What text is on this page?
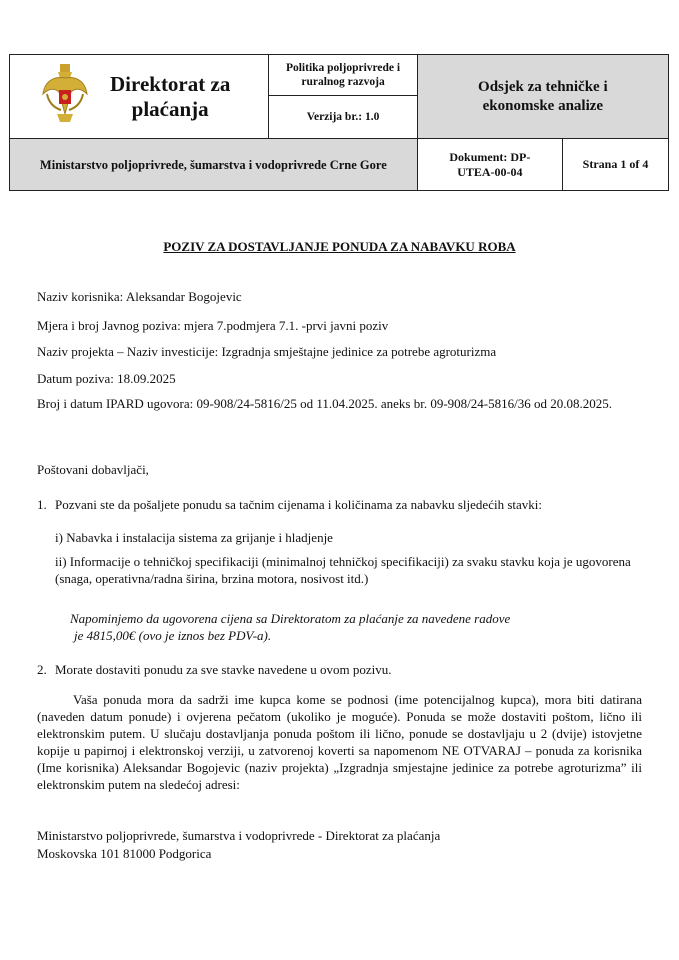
Direktorat za plaćanja	Politika poljoprivrede i ruralnog razvoja
Verzija br.: 1.0	Odsjek za tehničke i ekonomske analize	

Ministarstvo poljoprivrede, šumarstva i vodoprivrede Crne Gore		Dokument: DP-UTEA-00-04	Strana 1 of 4
POZIV ZA DOSTAVLJANJE PONUDA ZA NABAVKU ROBA
Naziv korisnika: Aleksandar Bogojevic
Mjera i broj Javnog poziva: mjera 7.podmjera 7.1. -prvi javni poziv
Naziv projekta – Naziv investicije: Izgradnja smještajne jedinice za potrebe agroturizma
Datum poziva: 18.09.2025
Broj i datum IPARD ugovora: 09-908/24-5816/25 od 11.04.2025. aneks br. 09-908/24-5816/36 od 20.08.2025.
Poštovani dobavljači,
1. Pozvani ste da pošaljete ponudu sa tačnim cijenama i količinama za nabavku sljedećih stavki:
i) Nabavka i instalacija sistema za grijanje i hladjenje
ii) Informacije o tehničkoj specifikaciji (minimalnoj tehničkoj specifikaciji) za svaku stavku koja je ugovorena (snaga, operativna/radna širina, brzina motora, nosivost itd.)
Napominjemo da ugovorena cijena sa Direktoratom za plaćanje za navedene radove
je 4815,00€ (ovo je iznos bez PDV-a).
2. Morate dostaviti ponudu za sve stavke navedene u ovom pozivu.
Vaša ponuda mora da sadrži ime kupca kome se podnosi (ime potencijalnog kupca), mora biti datirana (naveden datum ponude) i ovjerena pečatom (ukoliko je moguće). Ponuda se može dostaviti poštom, lično ili elektronskim putem. U slučaju dostavljanja ponuda poštom ili lično, ponude se dostavljaju u 2 (dvije) istovjetne kopije u papirnoj i elektronskoj verziji, u zatvorenoj koverti sa napomenom NE OTVARAJ – ponuda za korisnika (Ime korisnika) Aleksandar Bogojevic (naziv projekta) „Izgradnja smjestajne jedinice za potrebe agroturizma” ili elektronskim putem na sledećoj adresi:
Ministarstvo poljoprivrede, šumarstva i vodoprivrede - Direktorat za plaćanja
Moskovska 101 81000 Podgorica
